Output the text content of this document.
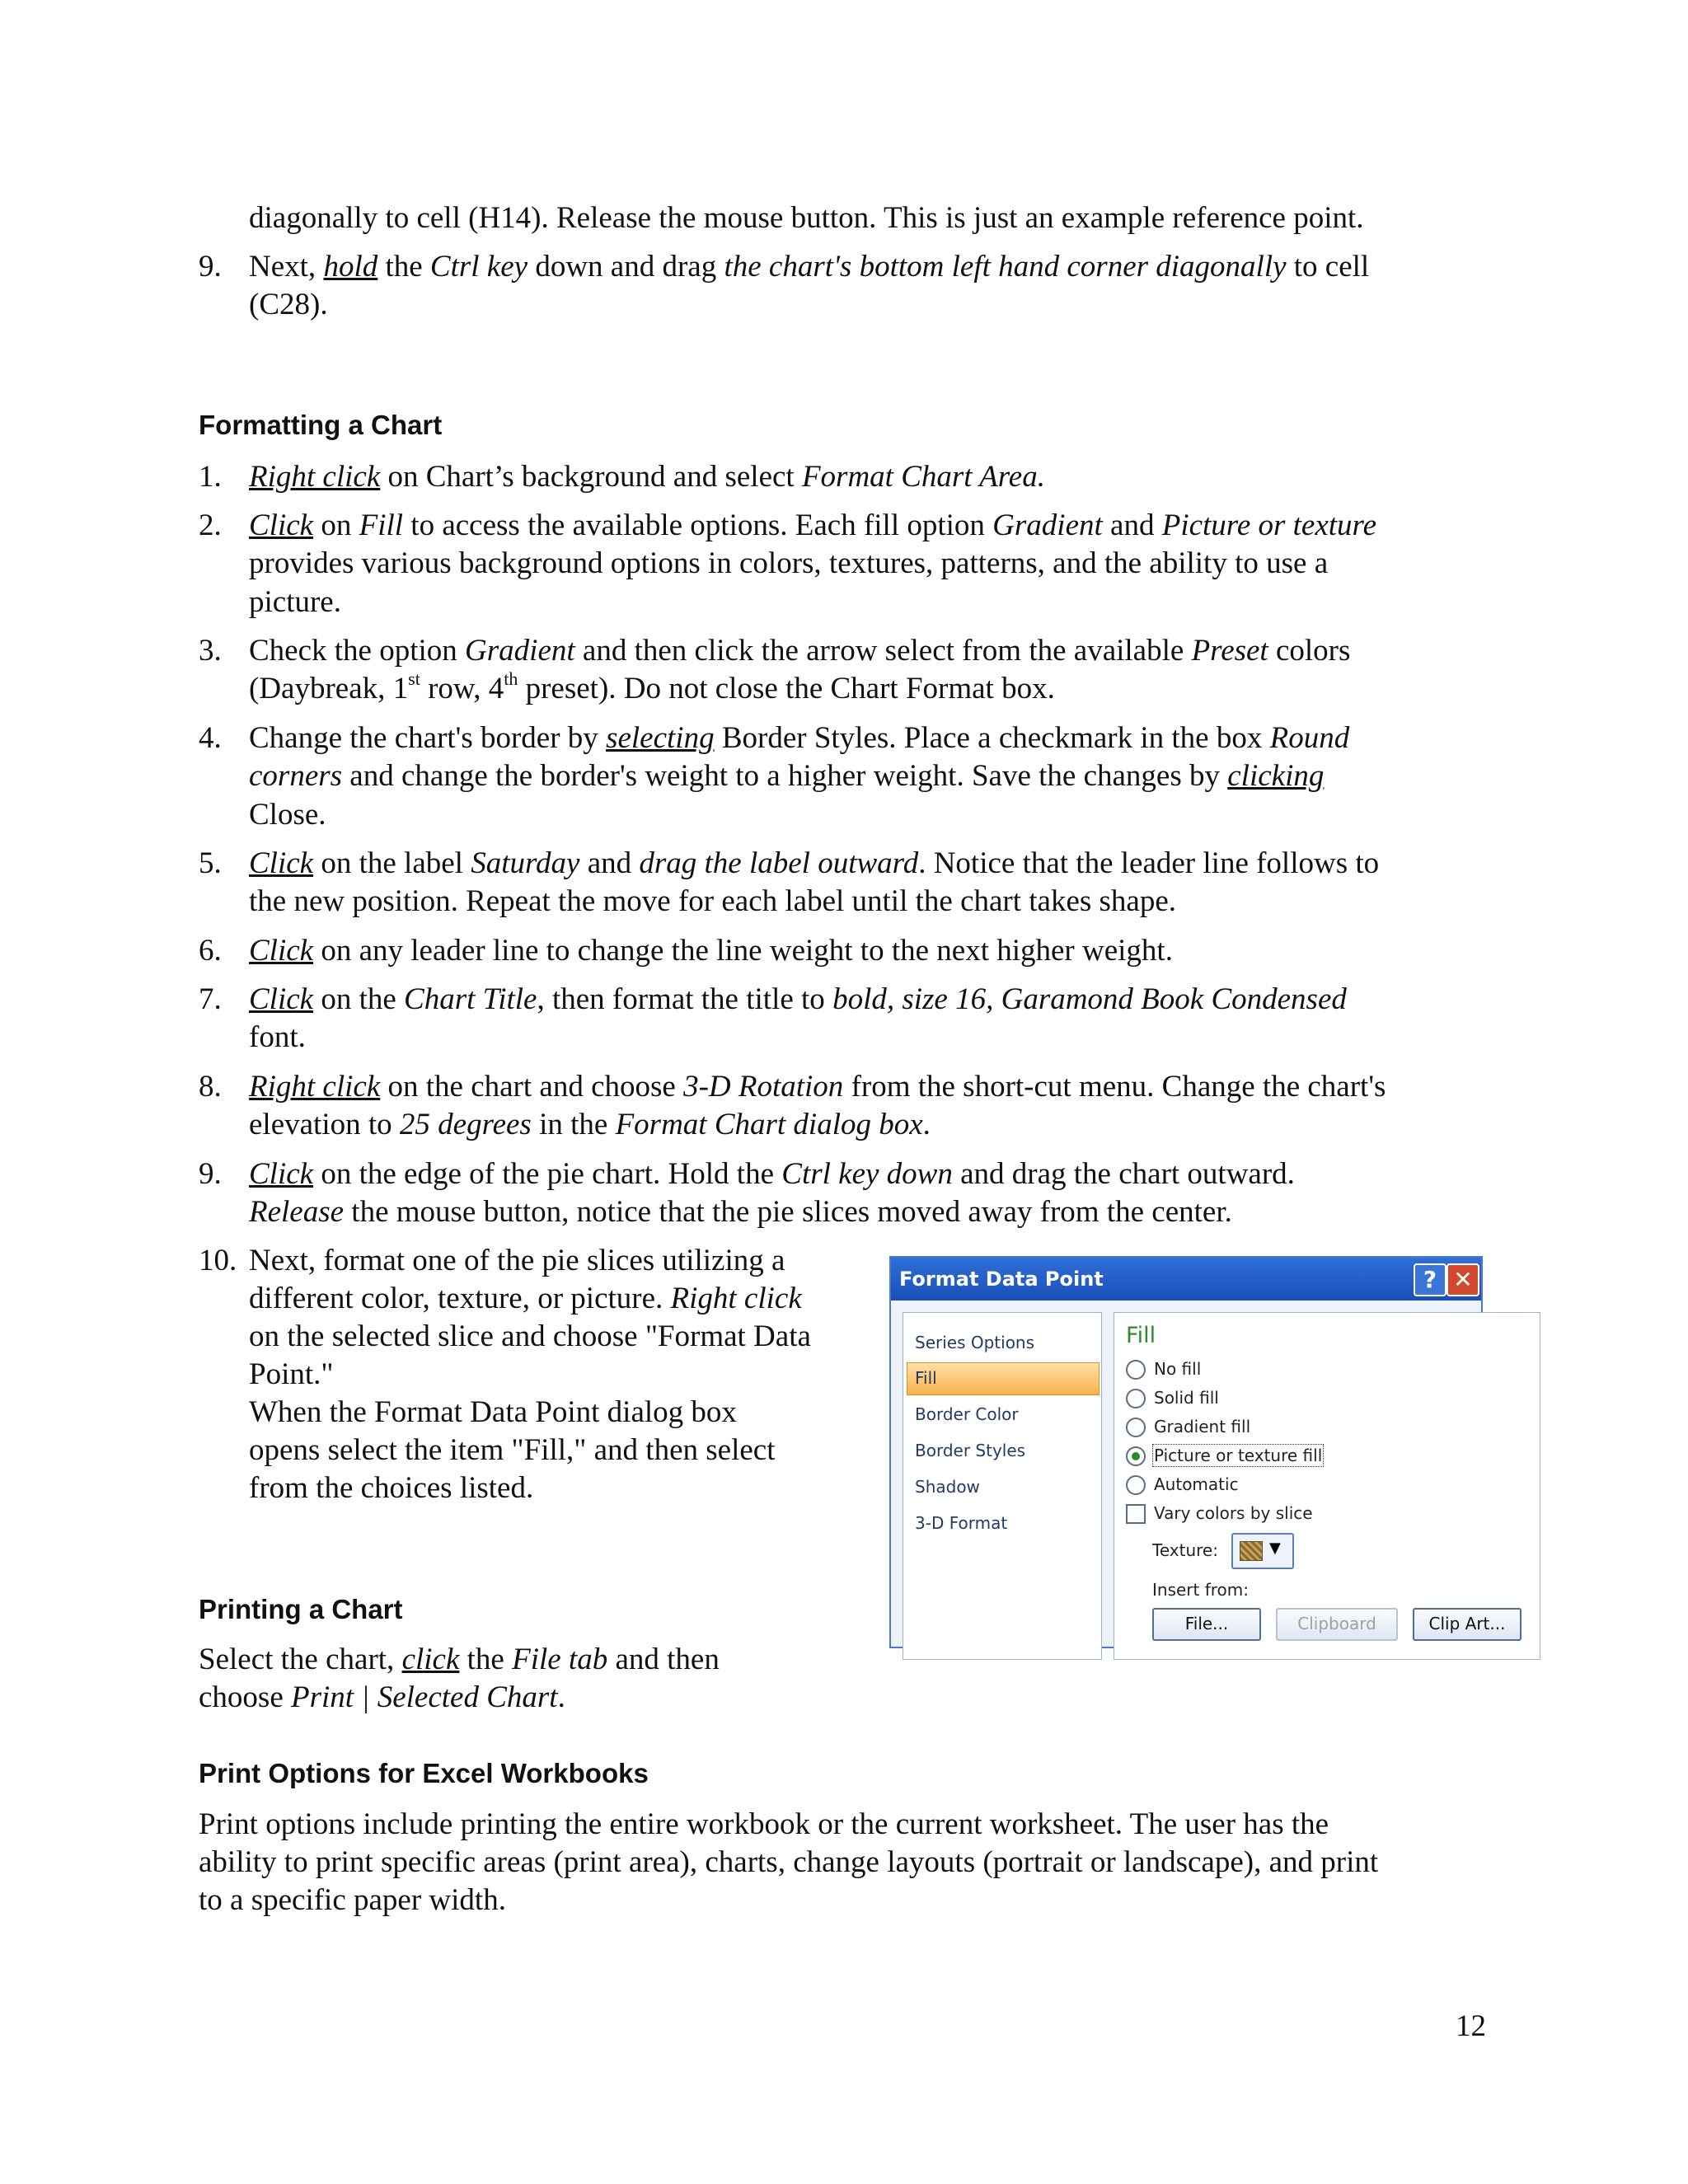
diagonally to cell (H14). Release the mouse button. This is just an example reference point.
9. Next, hold the Ctrl key down and drag the chart's bottom left hand corner diagonally to cell
(C28).
Formatting a Chart
1. Right click on Chart’s background and select Format Chart Area.
2. Click on Fill to access the available options. Each fill option Gradient and Picture or texture
provides various background options in colors, textures, patterns, and the ability to use a
picture.
3. Check the option Gradient and then click the arrow select from the available Preset colors
(Daybreak, 1st row, 4th preset). Do not close the Chart Format box.
4. Change the chart's border by selecting Border Styles. Place a checkmark in the box Round
corners and change the border's weight to a higher weight. Save the changes by clicking
Close.
5. Click on the label Saturday and drag the label outward. Notice that the leader line follows to
the new position. Repeat the move for each label until the chart takes shape.
6. Click on any leader line to change the line weight to the next higher weight.
7. Click on the Chart Title, then format the title to bold, size 16, Garamond Book Condensed
font.
8. Right click on the chart and choose 3-D Rotation from the short-cut menu. Change the chart's
elevation to 25 degrees in the Format Chart dialog box.
9. Click on the edge of the pie chart. Hold the Ctrl key down and drag the chart outward.
Release the mouse button, notice that the pie slices moved away from the center.
10. Next, format one of the pie slices utilizing a
different color, texture, or picture. Right click
on the selected slice and choose "Format Data
Point."
When the Format Data Point dialog box
opens select the item "Fill," and then select
from the choices listed.
Format Data Point	? ✕
Series Options
Fill
Border Color
Border Styles
Shadow
3-D Format
Fill
No fill
Solid fill
Gradient fill
Picture or texture fill
Automatic
Vary colors by slice
Texture:	▼
Insert from:
File...	Clipboard	Clip Art...
Printing a Chart
Select the chart, click the File tab and then
choose Print | Selected Chart.
Print Options for Excel Workbooks
Print options include printing the entire workbook or the current worksheet. The user has the
ability to print specific areas (print area), charts, change layouts (portrait or landscape), and print
to a specific paper width.
12
